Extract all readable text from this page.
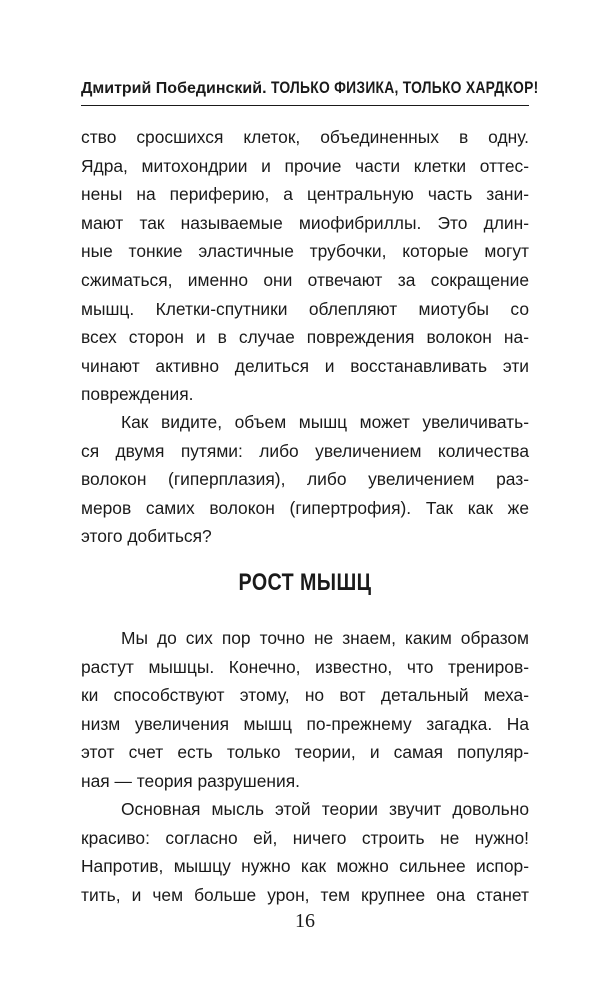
Дмитрий Побединский. ТОЛЬКО ФИЗИКА, ТОЛЬКО ХАРДКОР!
ство сросшихся клеток, объединенных в одну.
Ядра, митохондрии и прочие части клетки оттес-
нены на периферию, а центральную часть зани-
мают так называемые миофибриллы. Это длин-
ные тонкие эластичные трубочки, которые могут
сжиматься, именно они отвечают за сокращение
мышц. Клетки-спутники облепляют миотубы со
всех сторон и в случае повреждения волокон на-
чинают активно делиться и восстанавливать эти
повреждения.
Как видите, объем мышц может увеличивать-
ся двумя путями: либо увеличением количества
волокон (гиперплазия), либо увеличением раз-
меров самих волокон (гипертрофия). Так как же
этого добиться?
РОСТ МЫШЦ
Мы до сих пор точно не знаем, каким образом
растут мышцы. Конечно, известно, что трениров-
ки способствуют этому, но вот детальный меха-
низм увеличения мышц по-прежнему загадка. На
этот счет есть только теории, и самая популяр-
ная — теория разрушения.
Основная мысль этой теории звучит довольно
красиво: согласно ей, ничего строить не нужно!
Напротив, мышцу нужно как можно сильнее испор-
тить, и чем больше урон, тем крупнее она станет
16
